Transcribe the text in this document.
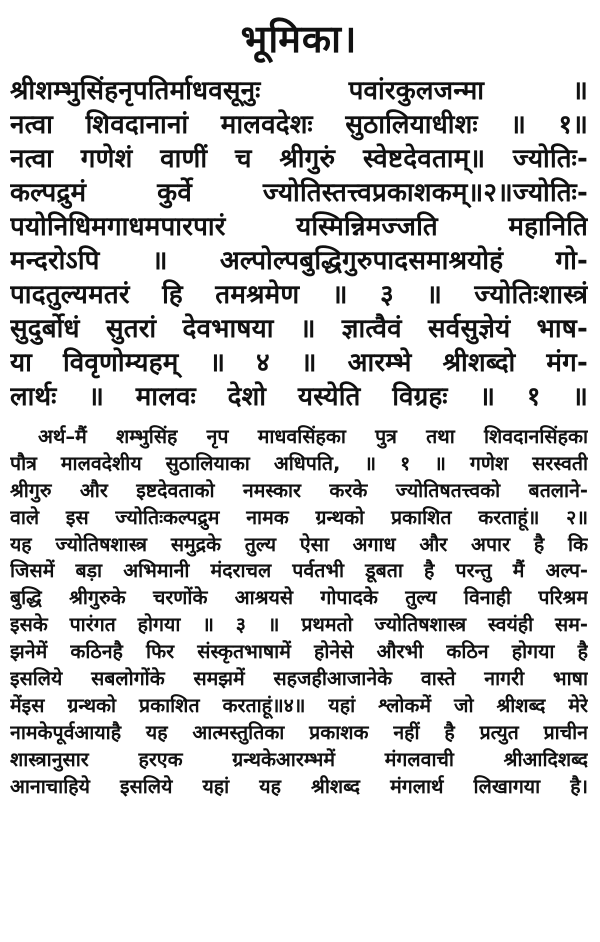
भूमिका।
श्रीशम्भुसिंहनृपतिर्माधवसूनुः पवांरकुलजन्मा ॥
नत्वा शिवदानानां मालवदेशः सुठालियाधीशः ॥ १॥
नत्वा गणेशं वाणीं च श्रीगुरुं स्वेष्टदेवताम्॥ ज्योतिः-
कल्पद्रुमं कुर्वे ज्योतिस्तत्त्वप्रकाशकम्॥२॥ज्योतिः-
पयोनिधिमगाधमपारपारं यस्मिन्निमज्जति महानिति
मन्दरोऽपि ॥ अल्पोल्पबुद्धिगुरुपादसमाश्रयोहं गो-
पादतुल्यमतरं हि तमश्रमेण ॥ ३ ॥ ज्योतिःशास्त्रं
सुदुर्बोधं सुतरां देवभाषया ॥ ज्ञात्वैवं सर्वसुज्ञेयं भाष-
या विवृणोम्यहम् ॥ ४ ॥ आरम्भे श्रीशब्दो मंग-
लार्थः ॥ मालवः देशो यस्येति विग्रहः ॥ १ ॥
अर्थ–मैं शम्भुसिंह नृप माधवसिंहका पुत्र तथा शिवदानसिंहका
पौत्र मालवदेशीय सुठालियाका अधिपति, ॥ १ ॥ गणेश सरस्वती
श्रीगुरु और इष्टदेवताको नमस्कार करके ज्योतिषतत्त्वको बतलाने-
वाले इस ज्योतिःकल्पद्रुम नामक ग्रन्थको प्रकाशित करताहूं॥ २॥
यह ज्योतिषशास्त्र समुद्रके तुल्य ऐसा अगाध और अपार है कि
जिसमें बड़ा अभिमानी मंदराचल पर्वतभी डूबता है परन्तु मैं अल्प-
बुद्धि श्रीगुरुके चरणोंके आश्रयसे गोपादके तुल्य विनाही परिश्रम
इसके पारंगत होगया ॥ ३ ॥ प्रथमतो ज्योतिषशास्त्र स्वयंही सम-
झनेमें कठिनहै फिर संस्कृतभाषामें होनेसे औरभी कठिन होगया है
इसलिये सबलोगोंके समझमें सहजहीआजानेके वास्ते नागरी भाषा
मेंइस ग्रन्थको प्रकाशित करताहूं॥४॥ यहां श्लोकमें जो श्रीशब्द मेरे
नामकेपूर्वआयाहै यह आत्मस्तुतिका प्रकाशक नहीं है प्रत्युत प्राचीन
शास्त्रानुसार हरएक ग्रन्थकेआरम्भमें मंगलवाची श्रीआदिशब्द
आनाचाहिये इसलिये यहां यह श्रीशब्द मंगलार्थ लिखागया है।
